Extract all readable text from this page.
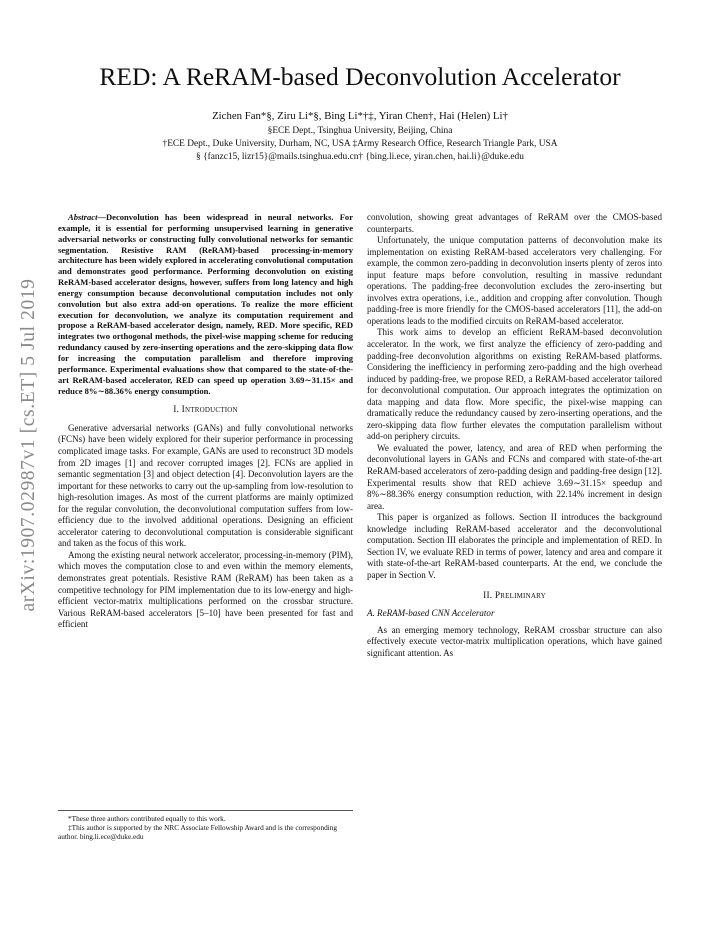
arXiv:1907.02987v1 [cs.ET] 5 Jul 2019
RED: A ReRAM-based Deconvolution Accelerator
Zichen Fan*§, Ziru Li*§, Bing Li*†‡, Yiran Chen†, Hai (Helen) Li†
§ECE Dept., Tsinghua University, Beijing, China
†ECE Dept., Duke University, Durham, NC, USA ‡Army Research Office, Research Triangle Park, USA
§ {fanzc15, lizr15}@mails.tsinghua.edu.cn† {bing.li.ece, yiran.chen, hai.li}@duke.edu

Abstract—Deconvolution has been widespread in neural networks. For example, it is essential for performing unsupervised learning in generative adversarial networks or constructing fully convolutional networks for semantic segmentation. Resistive RAM (ReRAM)-based processing-in-memory architecture has been widely explored in accelerating convolutional computation and demonstrates good performance. Performing deconvolution on existing ReRAM-based accelerator designs, however, suffers from long latency and high energy consumption because deconvolutional computation includes not only convolution but also extra add-on operations. To realize the more efficient execution for deconvolution, we analyze its computation requirement and propose a ReRAM-based accelerator design, namely, RED. More specific, RED integrates two orthogonal methods, the pixel-wise mapping scheme for reducing redundancy caused by zero-inserting operations and the zero-skipping data flow for increasing the computation parallelism and therefore improving performance. Experimental evaluations show that compared to the state-of-the-art ReRAM-based accelerator, RED can speed up operation 3.69∼31.15× and reduce 8%∼88.36% energy consumption.

I. Introduction

Generative adversarial networks (GANs) and fully convolutional networks (FCNs) have been widely explored for their superior performance in processing complicated image tasks. For example, GANs are used to reconstruct 3D models from 2D images [1] and recover corrupted images [2]. FCNs are applied in semantic segmentation [3] and object detection [4]. Deconvolution layers are the important for these networks to carry out the up-sampling from low-resolution to high-resolution images. As most of the current platforms are mainly optimized for the regular convolution, the deconvolutional computation suffers from low-efficiency due to the involved additional operations. Designing an efficient accelerator catering to deconvolutional computation is considerable significant and taken as the focus of this work.

Among the existing neural network accelerator, processing-in-memory (PIM), which moves the computation close to and even within the memory elements, demonstrates great potentials. Resistive RAM (ReRAM) has been taken as a competitive technology for PIM implementation due to its low-energy and high-efficient vector-matrix multiplications performed on the crossbar structure. Various ReRAM-based accelerators [5–10] have been presented for fast and efficient

convolution, showing great advantages of ReRAM over the CMOS-based counterparts.

Unfortunately, the unique computation patterns of deconvolution make its implementation on existing ReRAM-based accelerators very challenging. For example, the common zero-padding in deconvolution inserts plenty of zeros into input feature maps before convolution, resulting in massive redundant operations. The padding-free deconvolution excludes the zero-inserting but involves extra operations, i.e., addition and cropping after convolution. Though padding-free is more friendly for the CMOS-based accelerators [11], the add-on operations leads to the modified circuits on ReRAM-based accelerator.

This work aims to develop an efficient ReRAM-based deconvolution accelerator. In the work, we first analyze the efficiency of zero-padding and padding-free deconvolution algorithms on existing ReRAM-based platforms. Considering the inefficiency in performing zero-padding and the high overhead induced by padding-free, we propose RED, a ReRAM-based accelerator tailored for deconvolutional computation. Our approach integrates the optimization on data mapping and data flow. More specific, the pixel-wise mapping can dramatically reduce the redundancy caused by zero-inserting operations, and the zero-skipping data flow further elevates the computation parallelism without add-on periphery circuits.

We evaluated the power, latency, and area of RED when performing the deconvolutional layers in GANs and FCNs and compared with state-of-the-art ReRAM-based accelerators of zero-padding design and padding-free design [12]. Experimental results show that RED achieve 3.69∼31.15× speedup and 8%∼88.36% energy consumption reduction, with 22.14% increment in design area.

This paper is organized as follows. Section II introduces the background knowledge including ReRAM-based accelerator and the deconvolutional computation. Section III elaborates the principle and implementation of RED. In Section IV, we evaluate RED in terms of power, latency and area and compare it with state-of-the-art ReRAM-based counterparts. At the end, we conclude the paper in Section V.

II. Preliminary
A. ReRAM-based CNN Accelerator

As an emerging memory technology, ReRAM crossbar structure can also effectively execute vector-matrix multiplication operations, which have gained significant attention. As

*These three authors contributed equally to this work.

‡This author is supported by the NRC Associate Fellowship Award and is the corresponding author. bing.li.ece@duke.edu
